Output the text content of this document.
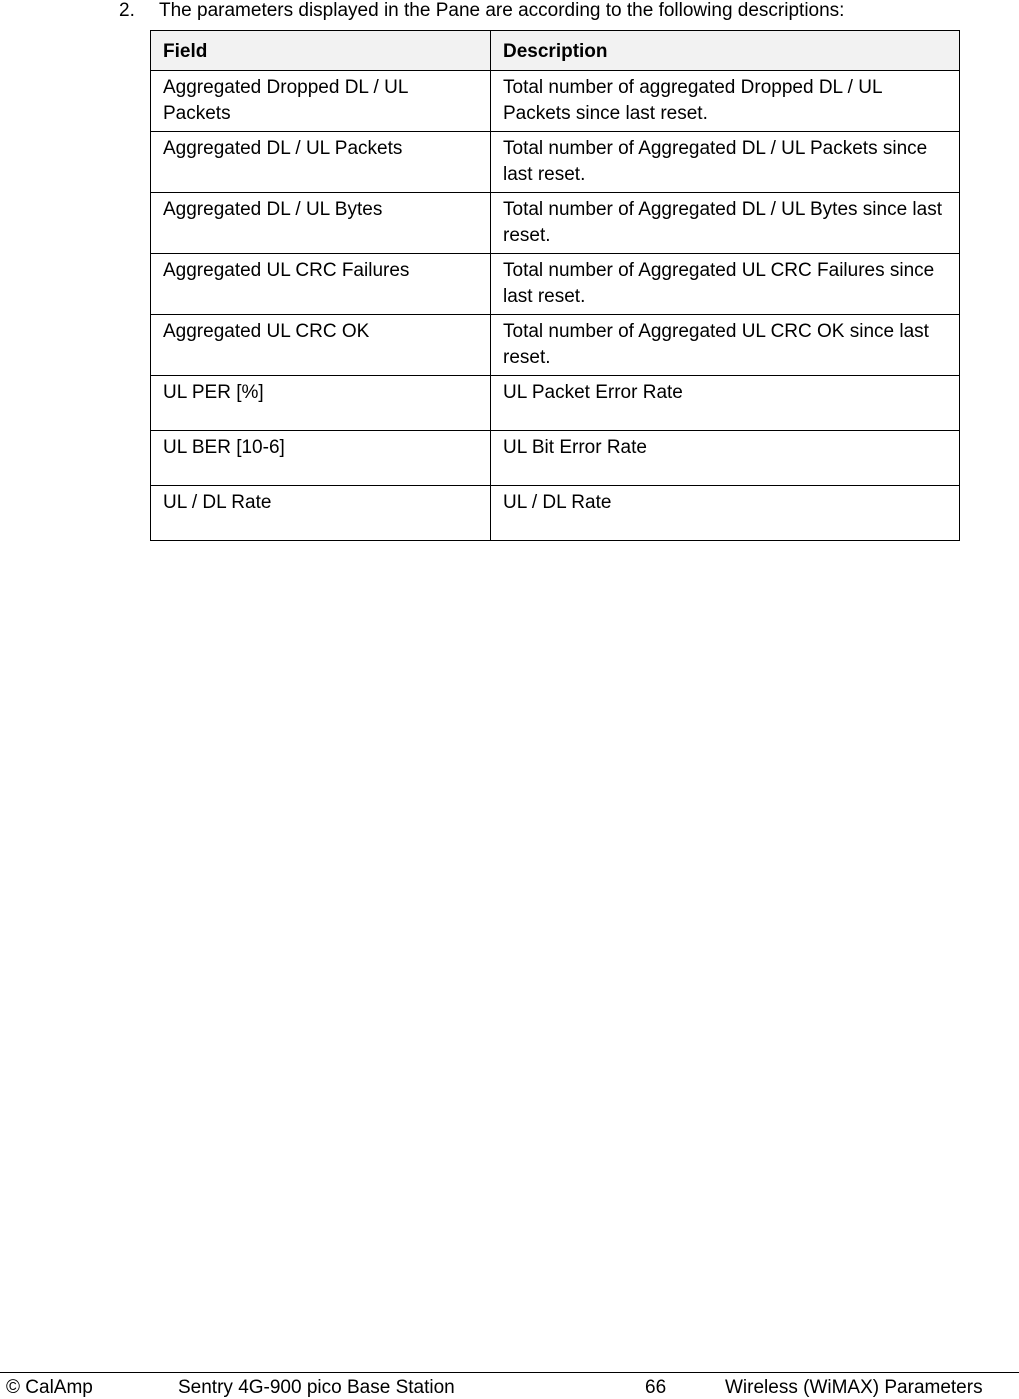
2. The parameters displayed in the Pane are according to the following descriptions:
Field	Description
Aggregated Dropped DL / UL Packets	Total number of aggregated Dropped DL / UL Packets since last reset.
Aggregated DL / UL Packets	Total number of Aggregated DL / UL Packets since last reset.
Aggregated DL / UL Bytes	Total number of Aggregated DL / UL Bytes since last reset.
Aggregated UL CRC Failures	Total number of Aggregated UL CRC Failures since last reset.
Aggregated UL CRC OK	Total number of Aggregated UL CRC OK since last reset.
UL PER [%]	UL Packet Error Rate
UL BER [10-6]	UL Bit Error Rate
UL / DL Rate	UL / DL Rate
© CalAmp	Sentry 4G-900 pico Base Station	66	Wireless (WiMAX) Parameters
